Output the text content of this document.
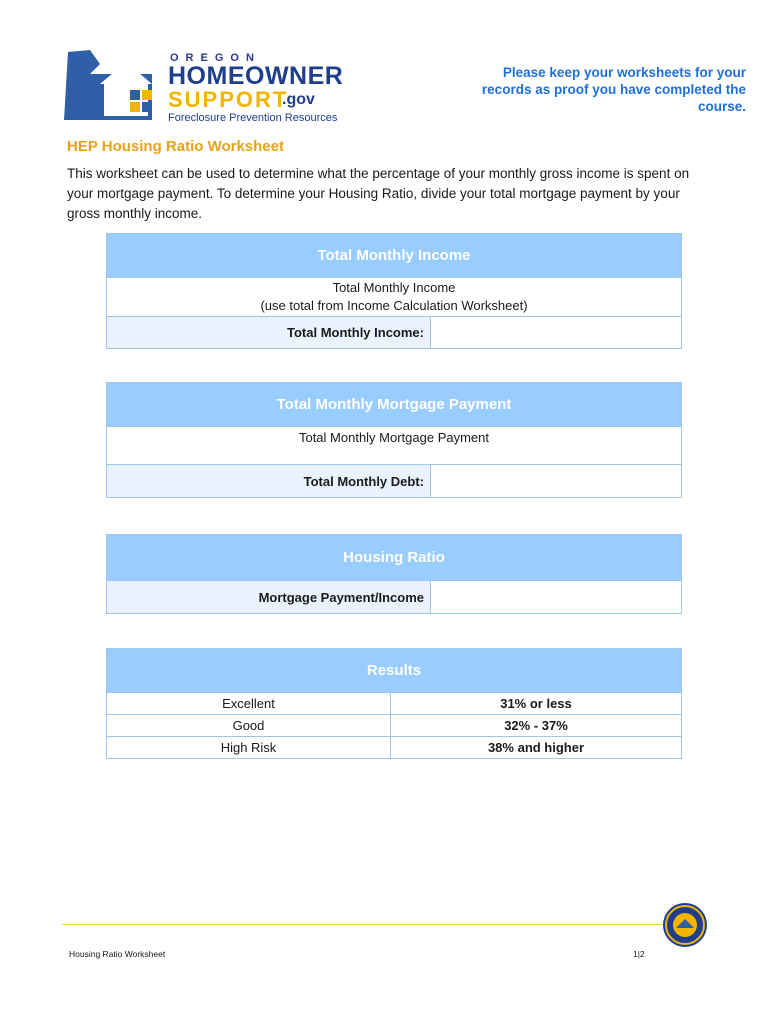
OREGON
HOMEOWNER
SUPPORT
.gov
Foreclosure Prevention Resources
Please keep your worksheets for your records as proof you have completed the course.
HEP Housing Ratio Worksheet
This worksheet can be used to determine what the percentage of your monthly gross income is spent on your mortgage payment. To determine your Housing Ratio, divide your total mortgage payment by your gross monthly income.
Total Monthly Income
Total Monthly Income
(use total from Income Calculation Worksheet)
Total Monthly Income:
Total Monthly Mortgage Payment
Total Monthly Mortgage Payment
Total Monthly Debt:
Housing Ratio
Mortgage Payment/Income
Results
Excellent	31% or less
Good	32% - 37%
High Risk	38% and higher
Housing Ratio Worksheet	1|2
